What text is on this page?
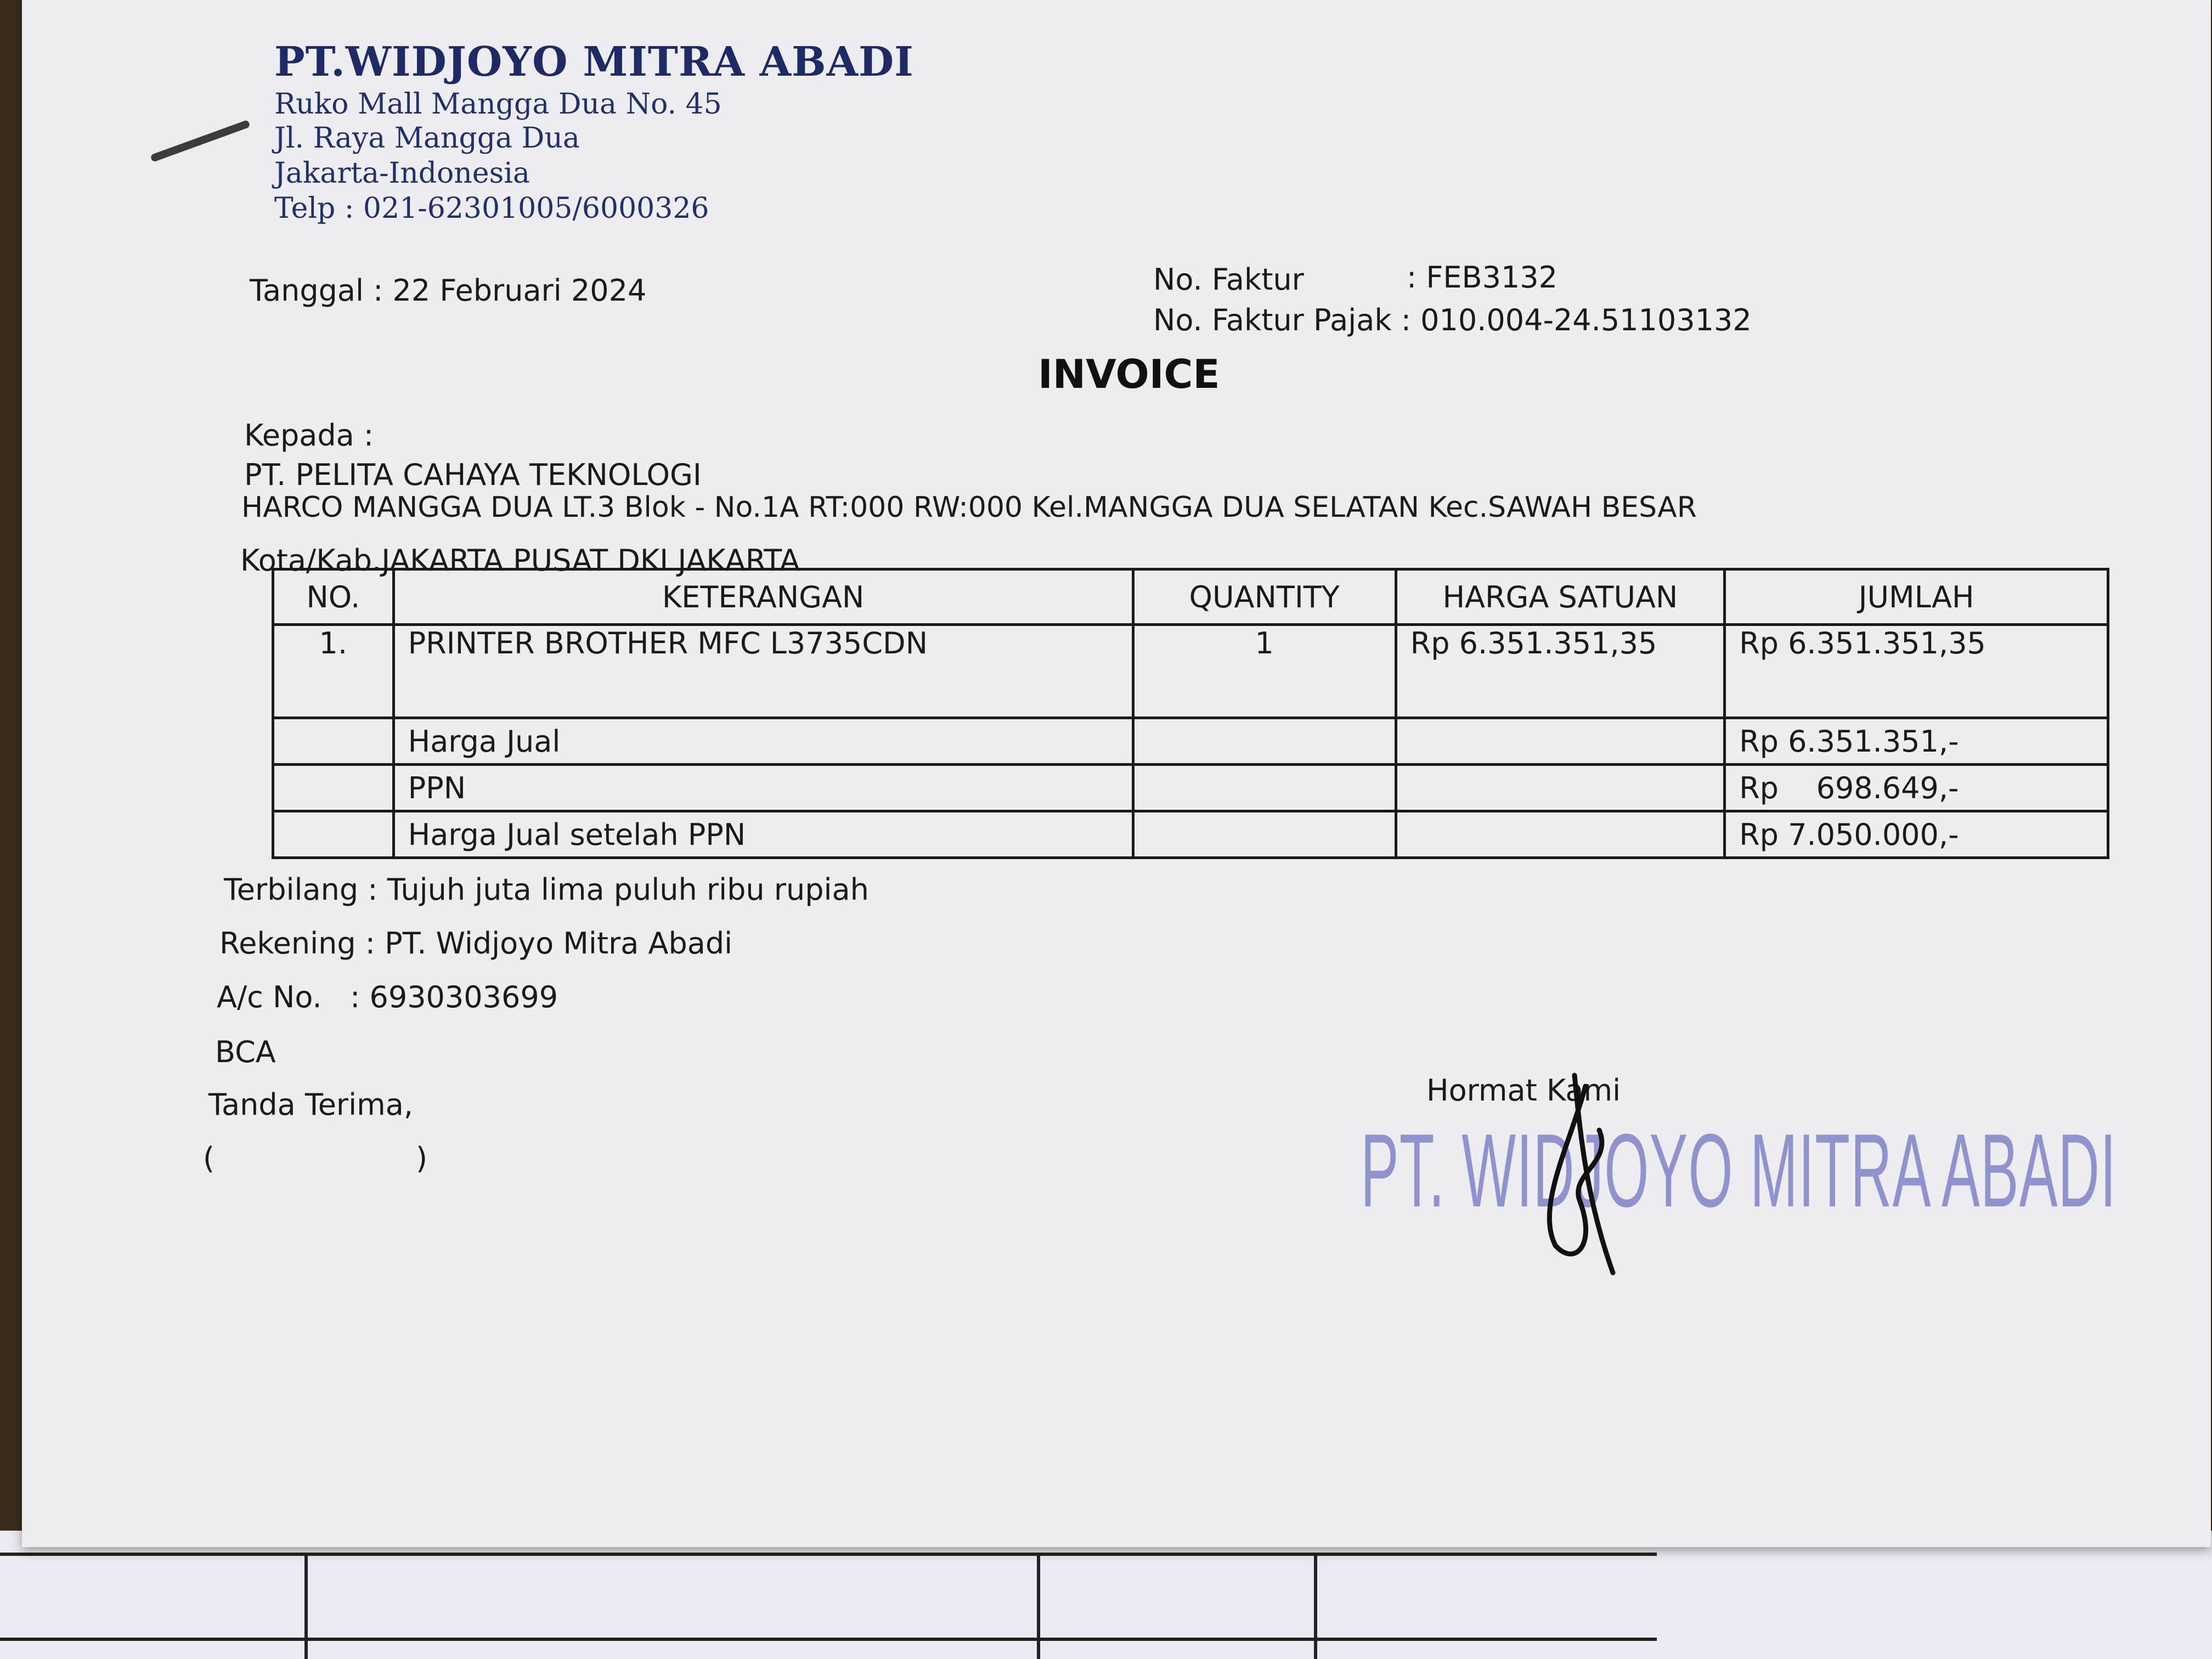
PT.WIDJOYO MITRA ABADI
Ruko Mall Mangga Dua No. 45
Jl. Raya Mangga Dua
Jakarta-Indonesia
Telp : 021-62301005/6000326
Tanggal : 22 Februari 2024	No. Faktur	: FEB3132
No. Faktur Pajak : 010.004-24.51103132
INVOICE
Kepada :
PT. PELITA CAHAYA TEKNOLOGI
HARCO MANGGA DUA LT.3 Blok - No.1A RT:000 RW:000 Kel.MANGGA DUA SELATAN Kec.SAWAH BESAR
Kota/Kab.JAKARTA PUSAT DKI JAKARTA
NO.	KETERANGAN	QUANTITY	HARGA SATUAN	JUMLAH
1.	PRINTER BROTHER MFC L3735CDN	1	Rp 6.351.351,35	Rp 6.351.351,35
	Harga Jual			Rp 6.351.351,-
	PPN			Rp    698.649,-
	Harga Jual setelah PPN			Rp 7.050.000,-
Terbilang : Tujuh juta lima puluh ribu rupiah
Rekening : PT. Widjoyo Mitra Abadi
A/c No.   : 6930303699
BCA
Tanda Terima,
(	)
Hormat Kami
PT. WIDJOYO MITRA ABADI
